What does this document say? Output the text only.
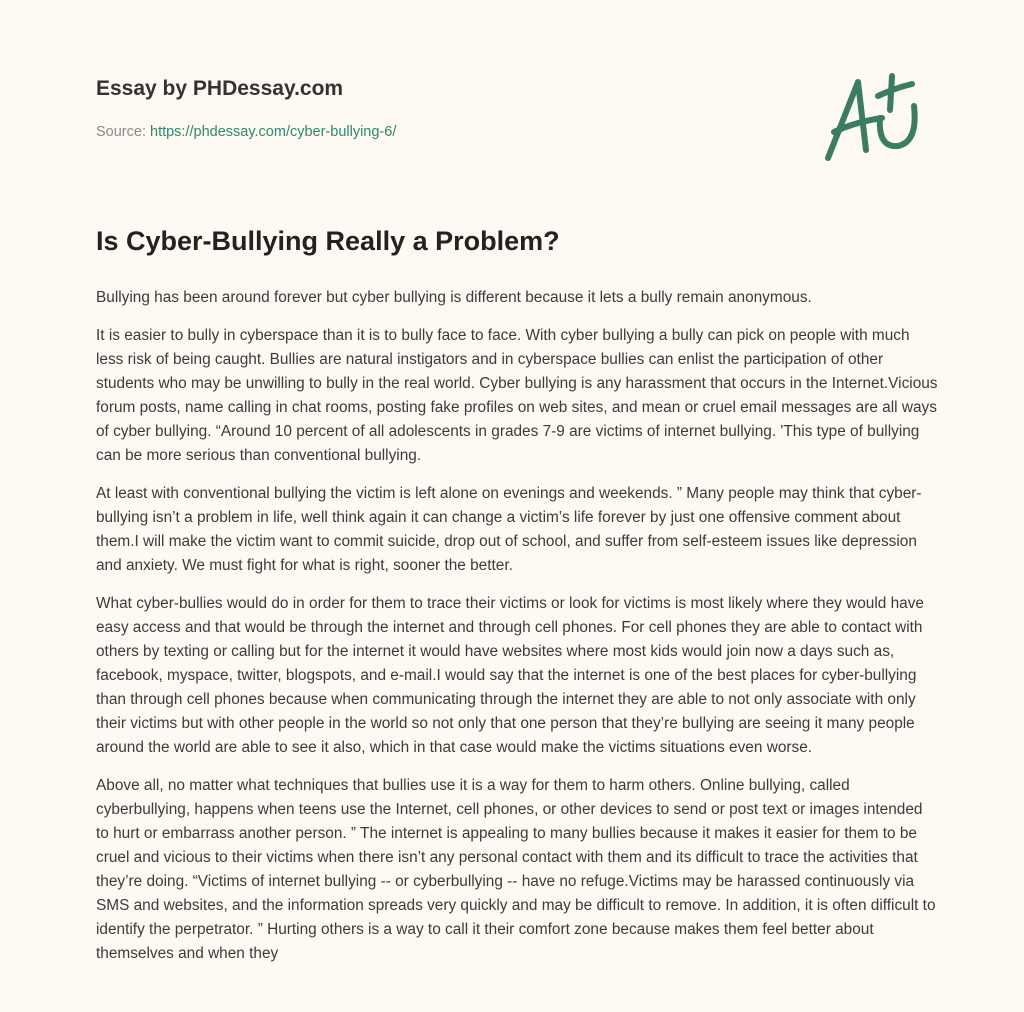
Essay by PHDessay.com
Source: https://phdessay.com/cyber-bullying-6/
Is Cyber-Bullying Really a Problem?

Bullying has been around forever but cyber bullying is different because it lets a bully remain anonymous.

It is easier to bully in cyberspace than it is to bully face to face. With cyber bullying a bully can pick on people with much less risk of being caught. Bullies are natural instigators and in cyberspace bullies can enlist the participation of other students who may be unwilling to bully in the real world. Cyber bullying is any harassment that occurs in the Internet.Vicious forum posts, name calling in chat rooms, posting fake profiles on web sites, and mean or cruel email messages are all ways of cyber bullying. “Around 10 percent of all adolescents in grades 7-9 are victims of internet bullying. 'This type of bullying can be more serious than conventional bullying.

At least with conventional bullying the victim is left alone on evenings and weekends. ” Many people may think that cyber-bullying isn’t a problem in life, well think again it can change a victim’s life forever by just one offensive comment about them.I will make the victim want to commit suicide, drop out of school, and suffer from self-esteem issues like depression and anxiety. We must fight for what is right, sooner the better.

What cyber-bullies would do in order for them to trace their victims or look for victims is most likely where they would have easy access and that would be through the internet and through cell phones. For cell phones they are able to contact with others by texting or calling but for the internet it would have websites where most kids would join now a days such as, facebook, myspace, twitter, blogspots, and e-mail.I would say that the internet is one of the best places for cyber-bullying than through cell phones because when communicating through the internet they are able to not only associate with only their victims but with other people in the world so not only that one person that they’re bullying are seeing it many people around the world are able to see it also, which in that case would make the victims situations even worse.

Above all, no matter what techniques that bullies use it is a way for them to harm others. Online bullying, called cyberbullying, happens when teens use the Internet, cell phones, or other devices to send or post text or images intended to hurt or embarrass another person. ” The internet is appealing to many bullies because it makes it easier for them to be cruel and vicious to their victims when there isn’t any personal contact with them and its difficult to trace the activities that they’re doing. “Victims of internet bullying -- or cyberbullying -- have no refuge.Victims may be harassed continuously via SMS and websites, and the information spreads very quickly and may be difficult to remove. In addition, it is often difficult to identify the perpetrator. ” Hurting others is a way to call it their comfort zone because makes them feel better about themselves and when they
